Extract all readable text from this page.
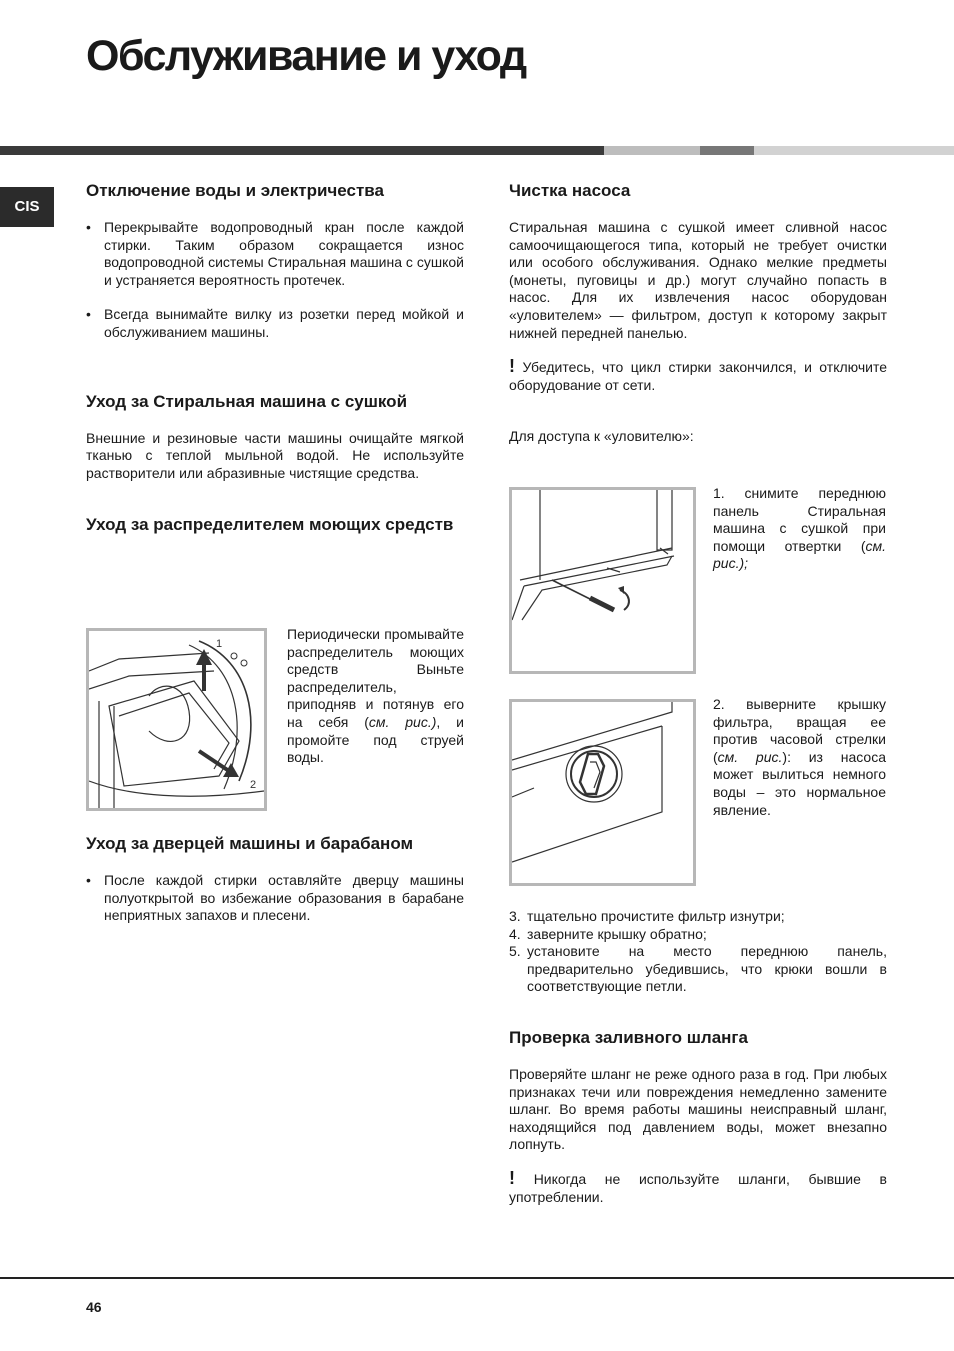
Обслуживание и уход
CIS
Отключение воды и электричества
• Перекрывайте водопроводный кран после каждой стирки. Таким образом сокращается износ водопроводной системы Стиральная машина с сушкой и устраняется вероятность протечек.
• Всегда вынимайте вилку из розетки перед мойкой и обслуживанием машины.
Уход за Стиральная машина с сушкой

Внешние и резиновые части машины очищайте мягкой тканью с теплой мыльной водой. Не используйте растворители или абразивные чистящие средства.

Уход за распределителем моющих средств
1
2

Периодически промывайте распределитель моющих средств Выньте распределитель, приподняв и потянув его на себя (см. рис.), и промойте под струей воды.

Уход за дверцей машины и барабаном
• После каждой стирки оставляйте дверцу машины полуоткрытой во избежание образования в барабане неприятных запахов и плесени.
Чистка насоса

Стиральная машина с сушкой имеет сливной насос самоочищающегося типа, который не требует очистки или особого обслуживания. Однако мелкие предметы (монеты, пуговицы и др.) могут случайно попасть в насос. Для их извлечения насос оборудован «уловителем» — фильтром, доступ к которому закрыт нижней передней панелью.

! Убедитесь, что цикл стирки закончился, и отключите оборудование от сети.

Для доступа к «уловителю»:

1. снимите переднюю панель Стиральная машина с сушкой при помощи отвертки (см. рис.);

2. выверните крышку фильтра, вращая ее против часовой стрелки (см. рис.): из насоса может вылиться немного воды – это нормальное явление.

3. тщательно прочистите фильтр изнутри;
4. заверните крышку обратно;
5. установите на место переднюю панель, предварительно убедившись, что крюки вошли в соответствующие петли.
Проверка заливного шланга

Проверяйте шланг не реже одного раза в год. При любых признаках течи или повреждения немедленно замените шланг. Во время работы машины неисправный шланг, находящийся под давлением воды, может внезапно лопнуть.

! Никогда не используйте шланги, бывшие в употреблении.

46
